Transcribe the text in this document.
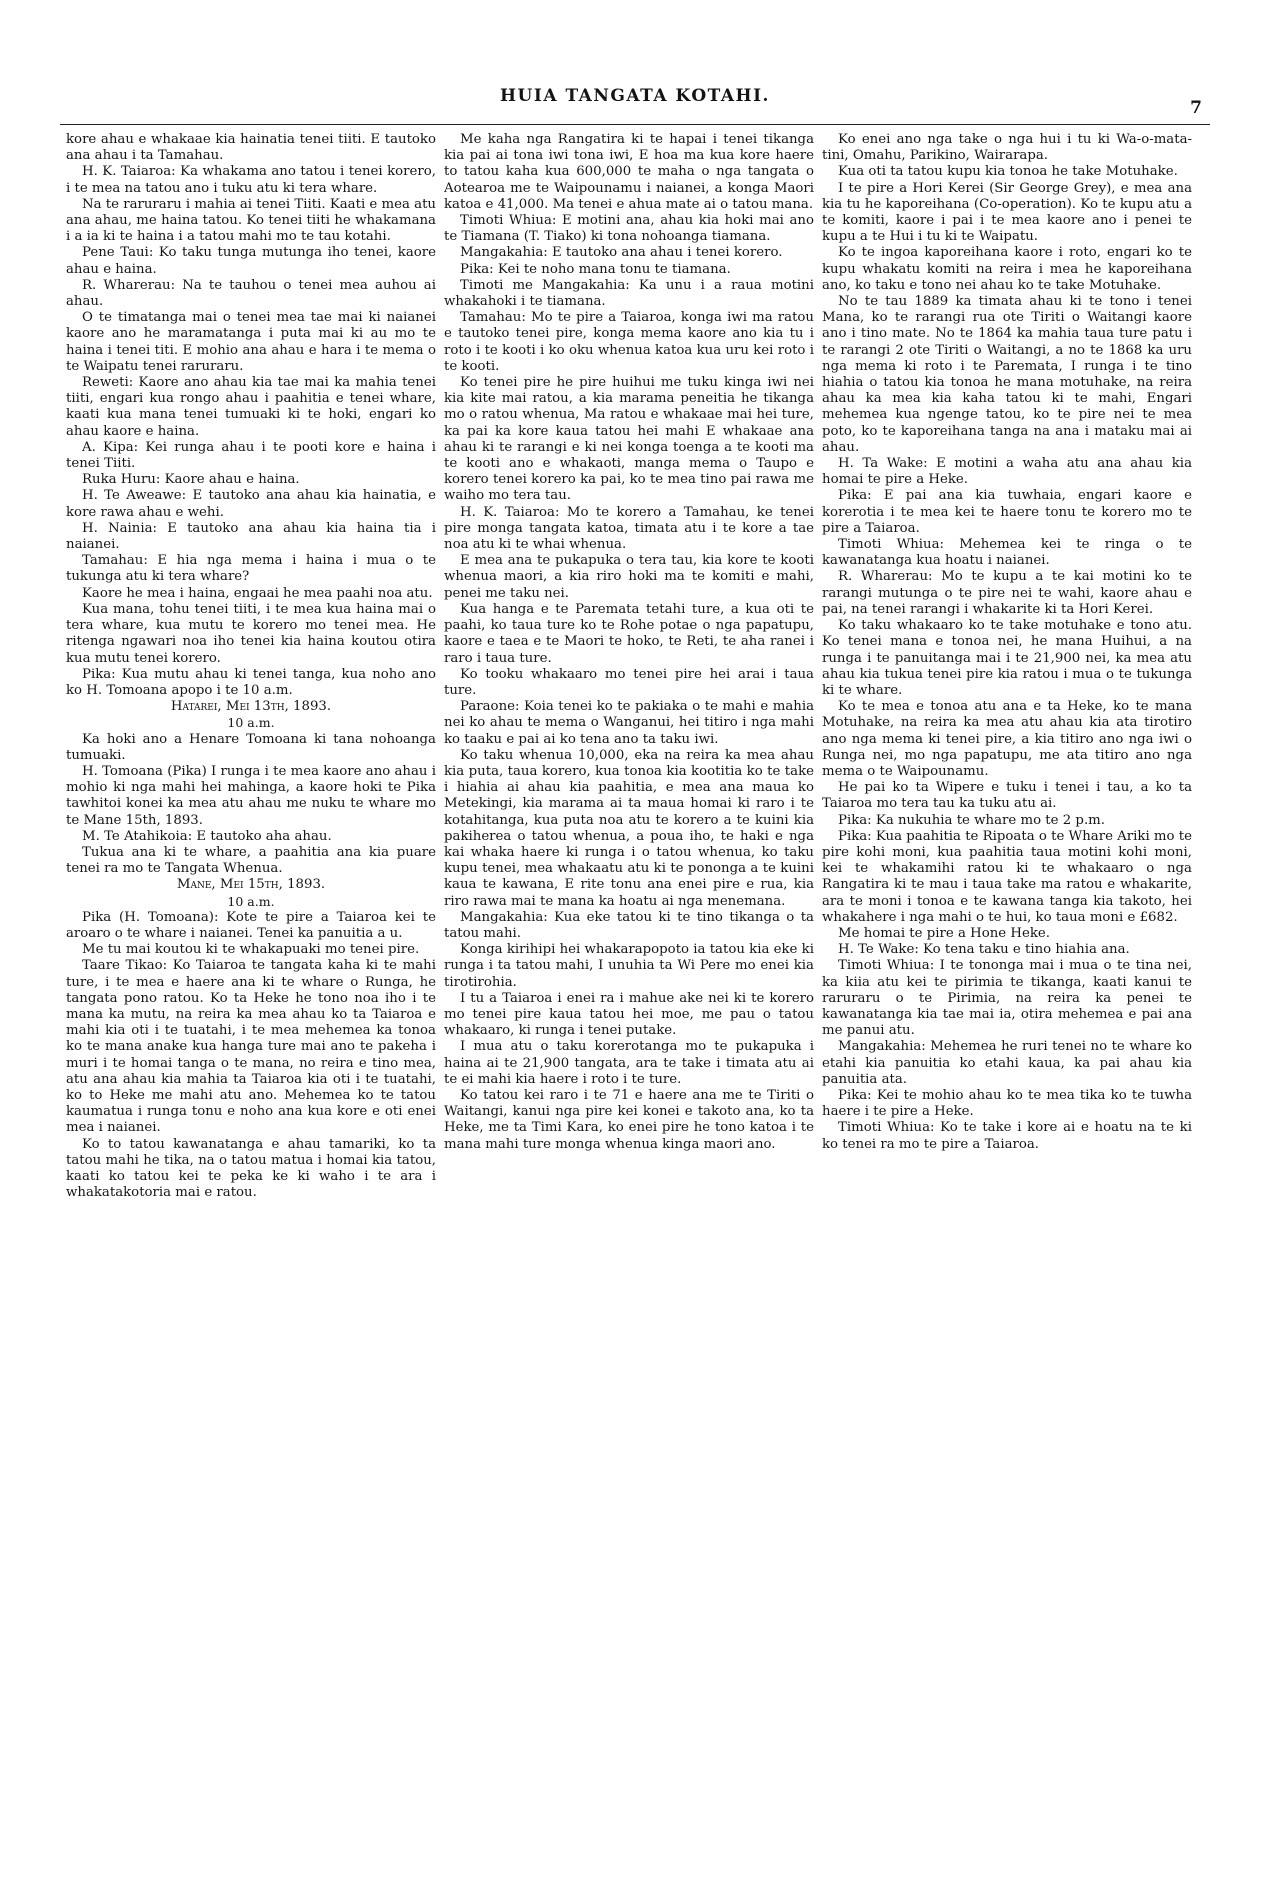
HUIA TANGATA KOTAHI.
7

kore ahau e whakaae kia hainatia tenei tiiti. E tautoko ana ahau i ta Tamahau.

H. K. Taiaroa: Ka whakama ano tatou i tenei korero, i te mea na tatou ano i tuku atu ki tera whare.

Na te raruraru i mahia ai tenei Tiiti. Kaati e mea atu ana ahau, me haina tatou. Ko tenei tiiti he whakamana i a ia ki te haina i a tatou mahi mo te tau kotahi.

Pene Taui: Ko taku tunga mutunga iho tenei, kaore ahau e haina.

R. Wharerau: Na te tauhou o tenei mea auhou ai ahau.

O te timatanga mai o tenei mea tae mai ki naianei kaore ano he maramatanga i puta mai ki au mo te haina i tenei titi. E mohio ana ahau e hara i te mema o te Waipatu tenei raruraru.

Reweti: Kaore ano ahau kia tae mai ka mahia tenei tiiti, engari kua rongo ahau i paahitia e tenei whare, kaati kua mana tenei tumuaki ki te hoki, engari ko ahau kaore e haina.

A. Kipa: Kei runga ahau i te pooti kore e haina i tenei Tiiti.

Ruka Huru: Kaore ahau e haina.

H. Te Aweawe: E tautoko ana ahau kia hainatia, e kore rawa ahau e wehi.

H. Nainia: E tautoko ana ahau kia haina tia i naianei.

Tamahau: E hia nga mema i haina i mua o te tukunga atu ki tera whare?

Kaore he mea i haina, engaai he mea paahi noa atu.

Kua mana, tohu tenei tiiti, i te mea kua haina mai o tera whare, kua mutu te korero mo tenei mea. He ritenga ngawari noa iho tenei kia haina koutou otira kua mutu tenei korero.

Pika: Kua mutu ahau ki tenei tanga, kua noho ano ko H. Tomoana apopo i te 10 a.m.

Hatarei, Mei 13th, 1893.

10 a.m.

Ka hoki ano a Henare Tomoana ki tana nohoanga tumuaki.

H. Tomoana (Pika) I runga i te mea kaore ano ahau i mohio ki nga mahi hei mahinga, a kaore hoki te Pika tawhitoi konei ka mea atu ahau me nuku te whare mo te Mane 15th, 1893.

M. Te Atahikoia: E tautoko aha ahau.

Tukua ana ki te whare, a paahitia ana kia puare tenei ra mo te Tangata Whenua.

Mane, Mei 15th, 1893.

10 a.m.

Pika (H. Tomoana): Kote te pire a Taiaroa kei te aroaro o te whare i naianei. Tenei ka panuitia a u.

Me tu mai koutou ki te whakapuaki mo tenei pire.

Taare Tikao: Ko Taiaroa te tangata kaha ki te mahi ture, i te mea e haere ana ki te whare o Runga, he tangata pono ratou. Ko ta Heke he tono noa iho i te mana ka mutu, na reira ka mea ahau ko ta Taiaroa e mahi kia oti i te tuatahi, i te mea mehemea ka tonoa ko te mana anake kua hanga ture mai ano te pakeha i muri i te homai tanga o te mana, no reira e tino mea, atu ana ahau kia mahia ta Taiaroa kia oti i te tuatahi, ko to Heke me mahi atu ano. Mehemea ko te tatou kaumatua i runga tonu e noho ana kua kore e oti enei mea i naianei.

Ko to tatou kawanatanga e ahau tamariki, ko ta tatou mahi he tika, na o tatou matua i homai kia tatou, kaati ko tatou kei te peka ke ki waho i te ara i whakatakotoria mai e ratou.

Me kaha nga Rangatira ki te hapai i tenei tikanga kia pai ai tona iwi tona iwi, E hoa ma kua kore haere to tatou kaha kua 600,000 te maha o nga tangata o Aotearoa me te Waipounamu i naianei, a konga Maori katoa e 41,000. Ma tenei e ahua mate ai o tatou mana.

Timoti Whiua: E motini ana, ahau kia hoki mai ano te Tiamana (T. Tiako) ki tona nohoanga tiamana.

Mangakahia: E tautoko ana ahau i tenei korero.

Pika: Kei te noho mana tonu te tiamana.

Timoti me Mangakahia: Ka unu i a raua motini whakahoki i te tiamana.

Tamahau: Mo te pire a Taiaroa, konga iwi ma ratou e tautoko tenei pire, konga mema kaore ano kia tu i roto i te kooti i ko oku whenua katoa kua uru kei roto i te kooti.

Ko tenei pire he pire huihui me tuku kinga iwi nei kia kite mai ratou, a kia marama peneitia he tikanga mo o ratou whenua, Ma ratou e whakaae mai hei ture, ka pai ka kore kaua tatou hei mahi E whakaae ana ahau ki te rarangi e ki nei konga toenga a te kooti ma te kooti ano e whakaoti, manga mema o Taupo e korero tenei korero ka pai, ko te mea tino pai rawa me waiho mo tera tau.

H. K. Taiaroa: Mo te korero a Tamahau, ke tenei pire monga tangata katoa, timata atu i te kore a tae noa atu ki te whai whenua.

E mea ana te pukapuka o tera tau, kia kore te kooti whenua maori, a kia riro hoki ma te komiti e mahi, penei me taku nei.

Kua hanga e te Paremata tetahi ture, a kua oti te paahi, ko taua ture ko te Rohe potae o nga papatupu, kaore e taea e te Maori te hoko, te Reti, te aha ranei i raro i taua ture.

Ko tooku whakaaro mo tenei pire hei arai i taua ture.

Paraone: Koia tenei ko te pakiaka o te mahi e mahia nei ko ahau te mema o Wanganui, hei titiro i nga mahi ko taaku e pai ai ko tena ano ta taku iwi.

Ko taku whenua 10,000, eka na reira ka mea ahau kia puta, taua korero, kua tonoa kia kootitia ko te take i hiahia ai ahau kia paahitia, e mea ana maua ko Metekingi, kia marama ai ta maua homai ki raro i te kotahitanga, kua puta noa atu te korero a te kuini kia pakiherea o tatou whenua, a poua iho, te haki e nga kai whaka haere ki runga i o tatou whenua, ko taku kupu tenei, mea whakaatu atu ki te pononga a te kuini kaua te kawana, E rite tonu ana enei pire e rua, kia riro rawa mai te mana ka hoatu ai nga menemana.

Mangakahia: Kua eke tatou ki te tino tikanga o ta tatou mahi.

Konga kirihipi hei whakarapopoto ia tatou kia eke ki runga i ta tatou mahi, I unuhia ta Wi Pere mo enei kia tirotirohia.

I tu a Taiaroa i enei ra i mahue ake nei ki te korero mo tenei pire kaua tatou hei moe, me pau o tatou whakaaro, ki runga i tenei putake.

I mua atu o taku korerotanga mo te pukapuka i haina ai te 21,900 tangata, ara te take i timata atu ai te ei mahi kia haere i roto i te ture.

Ko tatou kei raro i te 71 e haere ana me te Tiriti o Waitangi, kanui nga pire kei konei e takoto ana, ko ta Heke, me ta Timi Kara, ko enei pire he tono katoa i te mana mahi ture monga whenua kinga maori ano.

Ko enei ano nga take o nga hui i tu ki Wa-o-mata-tini, Omahu, Parikino, Wairarapa.

Kua oti ta tatou kupu kia tonoa he take Motuhake.

I te pire a Hori Kerei (Sir George Grey), e mea ana kia tu he kaporeihana (Co-operation). Ko te kupu atu a te komiti, kaore i pai i te mea kaore ano i penei te kupu a te Hui i tu ki te Waipatu.

Ko te ingoa kaporeihana kaore i roto, engari ko te kupu whakatu komiti na reira i mea he kaporeihana ano, ko taku e tono nei ahau ko te take Motuhake.

No te tau 1889 ka timata ahau ki te tono i tenei Mana, ko te rarangi rua ote Tiriti o Waitangi kaore ano i tino mate. No te 1864 ka mahia taua ture patu i te rarangi 2 ote Tiriti o Waitangi, a no te 1868 ka uru nga mema ki roto i te Paremata, I runga i te tino hiahia o tatou kia tonoa he mana motuhake, na reira ahau ka mea kia kaha tatou ki te mahi, Engari mehemea kua ngenge tatou, ko te pire nei te mea poto, ko te kaporeihana tanga na ana i mataku mai ai ahau.

H. Ta Wake: E motini a waha atu ana ahau kia homai te pire a Heke.

Pika: E pai ana kia tuwhaia, engari kaore e korerotia i te mea kei te haere tonu te korero mo te pire a Taiaroa.

Timoti Whiua: Mehemea kei te ringa o te kawanatanga kua hoatu i naianei.

R. Wharerau: Mo te kupu a te kai motini ko te rarangi mutunga o te pire nei te wahi, kaore ahau e pai, na tenei rarangi i whakarite ki ta Hori Kerei.

Ko taku whakaaro ko te take motuhake e tono atu. Ko tenei mana e tonoa nei, he mana Huihui, a na runga i te panuitanga mai i te 21,900 nei, ka mea atu ahau kia tukua tenei pire kia ratou i mua o te tukunga ki te whare.

Ko te mea e tonoa atu ana e ta Heke, ko te mana Motuhake, na reira ka mea atu ahau kia ata tirotiro ano nga mema ki tenei pire, a kia titiro ano nga iwi o Runga nei, mo nga papatupu, me ata titiro ano nga mema o te Waipounamu.

He pai ko ta Wipere e tuku i tenei i tau, a ko ta Taiaroa mo tera tau ka tuku atu ai.

Pika: Ka nukuhia te whare mo te 2 p.m.

Pika: Kua paahitia te Ripoata o te Whare Ariki mo te pire kohi moni, kua paahitia taua motini kohi moni, kei te whakamihi ratou ki te whakaaro o nga Rangatira ki te mau i taua take ma ratou e whakarite, ara te moni i tonoa e te kawana tanga kia takoto, hei whakahere i nga mahi o te hui, ko taua moni e £682.

Me homai te pire a Hone Heke.

H. Te Wake: Ko tena taku e tino hiahia ana.

Timoti Whiua: I te tononga mai i mua o te tina nei, ka kiia atu kei te pirimia te tikanga, kaati kanui te raruraru o te Pirimia, na reira ka penei te kawanatanga kia tae mai ia, otira mehemea e pai ana me panui atu.

Mangakahia: Mehemea he ruri tenei no te whare ko etahi kia panuitia ko etahi kaua, ka pai ahau kia panuitia ata.

Pika: Kei te mohio ahau ko te mea tika ko te tuwha haere i te pire a Heke.

Timoti Whiua: Ko te take i kore ai e hoatu na te ki ko tenei ra mo te pire a Taiaroa.
